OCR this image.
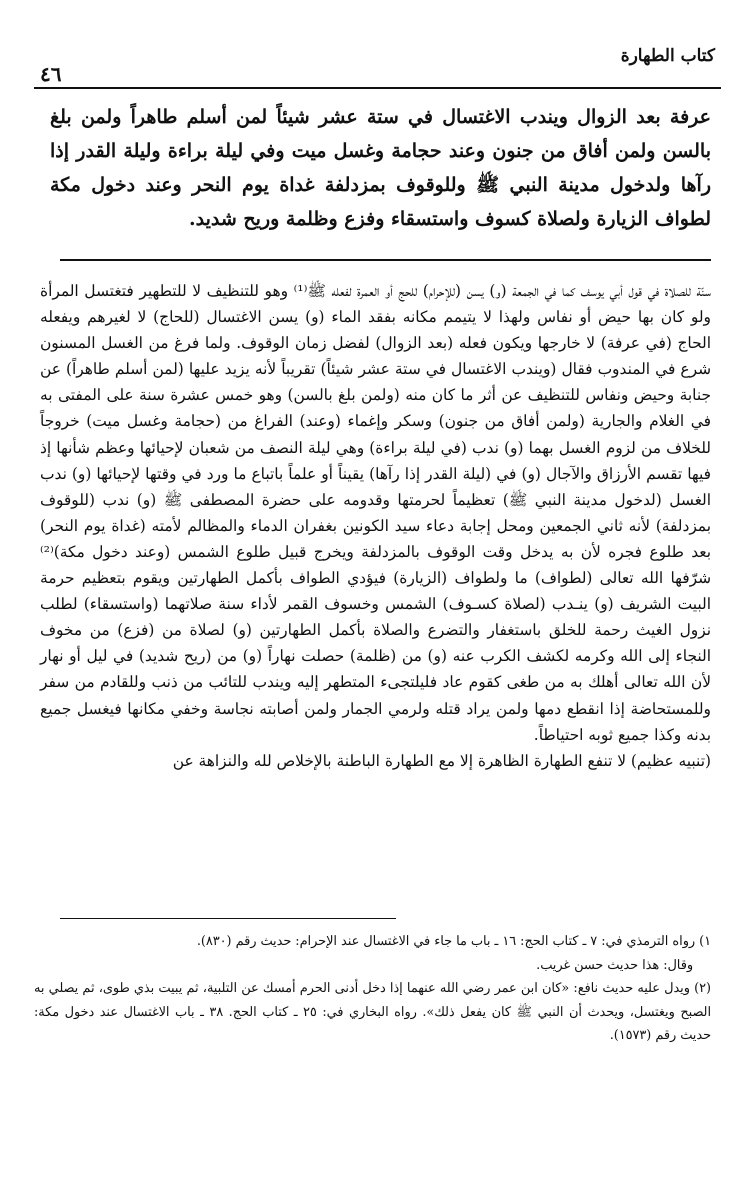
كتاب الطهارة
٤٦
عرفة بعد الزوال ويندب الاغتسال في ستة عشر شيئاً لمن أسلم طاهراً ولمن بلغ بالسن ولمن أفاق من جنون وعند حجامة وغسل ميت وفي ليلة براءة وليلة القدر إذا رآها ولدخول مدينة النبي ﷺ وللوقوف بمزدلفة غداة يوم النحر وعند دخول مكة لطواف الزيارة ولصلاة كسوف واستسقاء وفزع وظلمة وريح شديد.

سنّة للصلاة في قول أبي يوسف كما في الجمعة (و) يسن (للإحرام) للحج أو العمرة لفعله ﷺ⁽¹⁾ وهو للتنظيف لا للتطهير فتغتسل المرأة ولو كان بها حيض أو نفاس ولهذا لا يتيمم مكانه بفقد الماء (و) يسن الاغتسال (للحاج) لا لغيرهم ويفعله الحاج (في عرفة) لا خارجها ويكون فعله (بعد الزوال) لفضل زمان الوقوف. ولما فرغ من الغسل المسنون شرع في المندوب فقال (ويندب الاغتسال في ستة عشر شيئاً) تقريباً لأنه يزيد عليها (لمن أسلم طاهراً) عن جنابة وحيض ونفاس للتنظيف عن أثر ما كان منه (ولمن بلغ بالسن) وهو خمس عشرة سنة على المفتى به في الغلام والجارية (ولمن أفاق من جنون) وسكر وإغماء (وعند) الفراغ من (حجامة وغسل ميت) خروجاً للخلاف من لزوم الغسل بهما (و) ندب (في ليلة براءة) وهي ليلة النصف من شعبان لإحيائها وعظم شأنها إذ فيها تقسم الأرزاق والآجال (و) في (ليلة القدر إذا رآها) يقيناً أو علماً باتباع ما ورد في وقتها لإحيائها (و) ندب الغسل (لدخول مدينة النبي ﷺ) تعظيماً لحرمتها وقدومه على حضرة المصطفى ﷺ (و) ندب (للوقوف بمزدلفة) لأنه ثاني الجمعين ومحل إجابة دعاء سيد الكونين بغفران الدماء والمظالم لأمته (غداة يوم النحر) بعد طلوع فجره لأن به يدخل وقت الوقوف بالمزدلفة ويخرج قبيل طلوع الشمس (وعند دخول مكة)⁽²⁾ شرّفها الله تعالى (لطواف) ما ولطواف (الزيارة) فيؤدي الطواف بأكمل الطهارتين ويقوم بتعظيم حرمة البيت الشريف (و) ينـدب (لصلاة كسـوف) الشمس وخسوف القمر لأداء سنة صلاتهما (واستسقاء) لطلب نزول الغيث رحمة للخلق باستغفار والتضرع والصلاة بأكمل الطهارتين (و) لصلاة من (فزع) من مخوف النجاء إلى الله وكرمه لكشف الكرب عنه (و) من (ظلمة) حصلت نهاراً (و) من (ريح شديد) في ليل أو نهار لأن الله تعالى أهلك به من طغى كقوم عاد فليلتجىء المتطهر إليه ويندب للتائب من ذنب وللقادم من سفر وللمستحاضة إذا انقطع دمها ولمن يراد قتله ولرمي الجمار ولمن أصابته نجاسة وخفي مكانها فيغسل جميع بدنه وكذا جميع ثوبه احتياطاً.

(تنبيه عظيم) لا تنفع الطهارة الظاهرة إلا مع الطهارة الباطنة بالإخلاص لله والنزاهة عن

١) رواه الترمذي في: ٧ ـ كتاب الحج: ١٦ ـ باب ما جاء في الاغتسال عند الإحرام: حديث رقم (٨٣٠).

وقال: هذا حديث حسن غريب.

(٢) ويدل عليه حديث نافع: «كان ابن عمر رضي الله عنهما إذا دخل أدنى الحرم أمسك عن التلبية، ثم يبيت بذي طوى، ثم يصلي به الصبح ويغتسل، ويحدث أن النبي ﷺ كان يفعل ذلك». رواه البخاري في: ٢٥ ـ كتاب الحج. ٣٨ ـ باب الاغتسال عند دخول مكة: حديث رقم (١٥٧٣).
